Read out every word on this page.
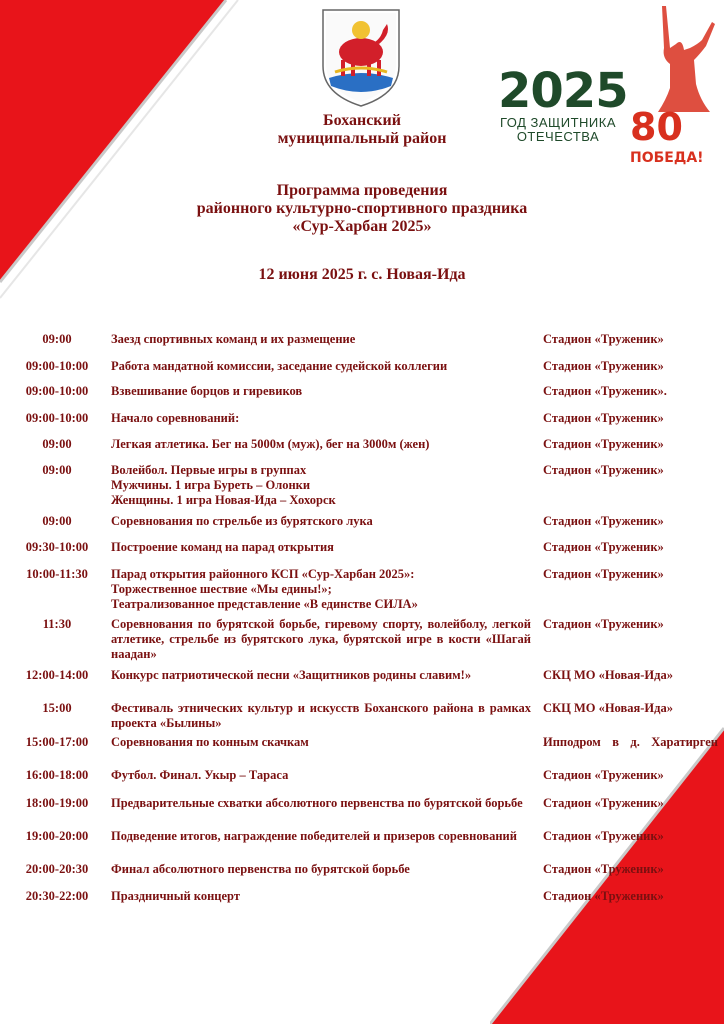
2025
ГОД ЗАЩИТНИКА
ОТЕЧЕСТВА 80
ПОБЕДА!
Боханский
муниципальный район
Программа проведения
районного культурно-спортивного праздника
«Сур-Харбан 2025»
12 июня 2025 г. с. Новая-Ида
09:00	Заезд спортивных команд и их размещение	Стадион «Труженик»
09:00-10:00	Работа мандатной комиссии, заседание судейской коллегии	Стадион «Труженик»
09:00-10:00	Взвешивание борцов и гиревиков	Стадион «Труженик».
09:00-10:00	Начало соревнований:	Стадион «Труженик»
09:00	Легкая атлетика. Бег на 5000м (муж), бег на 3000м (жен)	Стадион «Труженик»
09:00	Волейбол. Первые игры в группах
Мужчины. 1 игра Буреть – Олонки
Женщины. 1 игра Новая-Ида – Хохорск
Стадион «Труженик»
09:00	Соревнования по стрельбе из бурятского лука	Стадион «Труженик»
09:30-10:00	Построение команд на парад открытия	Стадион «Труженик»
10:00-11:30	Парад открытия районного КСП «Сур-Харбан 2025»:
Торжественное шествие «Мы едины!»;
Театрализованное представление «В единстве СИЛА»
Стадион «Труженик»
11:30	Соревнования по бурятской борьбе, гиревому спорту, волейболу, легкой атлетике, стрельбе из бурятского лука, бурятской игре в кости «Шагай наадан»
Стадион «Труженик»
12:00-14:00	Конкурс патриотической песни «Защитников родины славим!»	СКЦ МО «Новая-Ида»
15:00	Фестиваль этнических культур и искусств Боханского района в рамках проекта «Былины»
СКЦ МО «Новая-Ида»
15:00-17:00	Соревнования по конным скачкам	Ипподром в д. Харатирген
16:00-18:00	Футбол. Финал. Укыр – Тараса	Стадион «Труженик»
18:00-19:00	Предварительные схватки абсолютного первенства по бурятской борьбе	Стадион «Труженик»
19:00-20:00	Подведение итогов, награждение победителей и призеров соревнований	Стадион «Труженик»
20:00-20:30	Финал абсолютного первенства по бурятской борьбе	Стадион «Труженик»
20:30-22:00	Праздничный концерт	Стадион «Труженик»
